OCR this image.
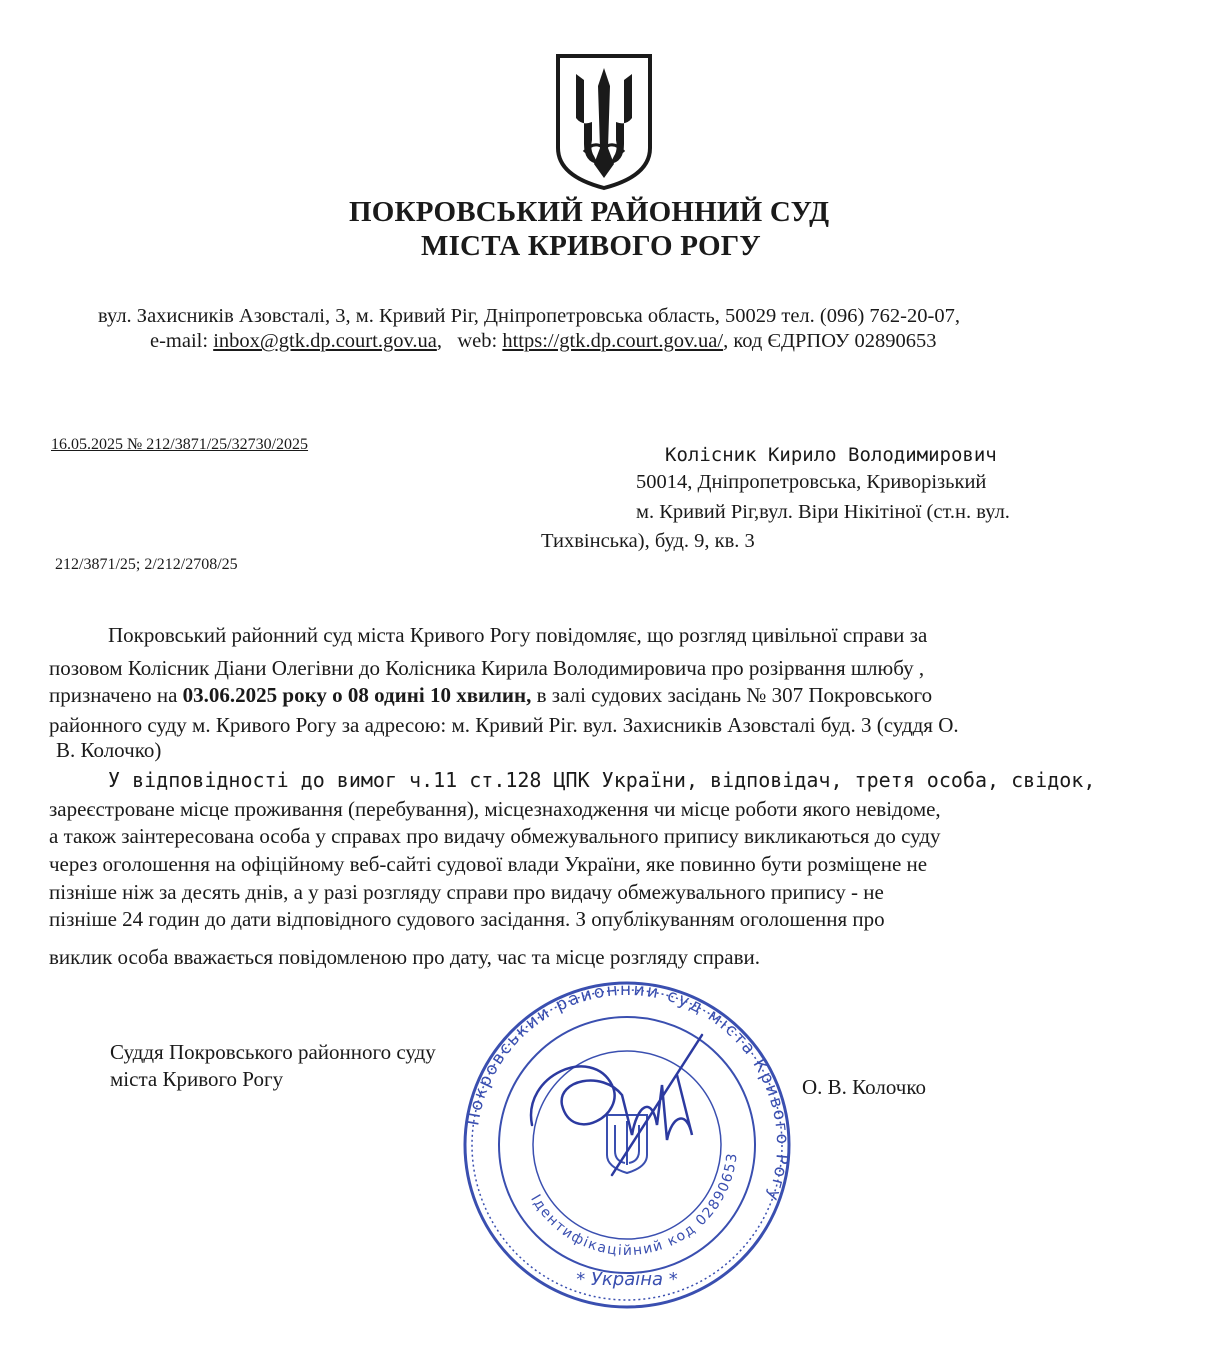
ПОКРОВСЬКИЙ РАЙОННИЙ СУД
МІСТА КРИВОГО РОГУ
вул. Захисників Азовсталі, 3, м. Кривий Ріг, Дніпропетровська область, 50029 тел. (096) 762-20-07,
e-mail: inbox@gtk.dp.court.gov.ua,   web: https://gtk.dp.court.gov.ua/, код ЄДРПОУ 02890653
16.05.2025 № 212/3871/25/32730/2025
212/3871/25; 2/212/2708/25
Колісник Кирило Володимирович
50014, Дніпропетровська, Криворізький
м. Кривий Ріг,вул. Віри Нікітіної (ст.н. вул.
Тихвінська), буд. 9, кв. 3
Покровський районний суд міста Кривого Рогу повідомляє, що розгляд цивільної справи за
позовом Колісник Діани Олегівни до Колісника Кирила Володимировича про розірвання шлюбу ,
призначено на 03.06.2025 року о 08 одині 10 хвилин, в залі судових засідань № 307 Покровського
районного суду м. Кривого Рогу за адресою: м. Кривий Ріг. вул. Захисників Азовсталі буд. 3 (суддя О.
В. Колочко)
У відповідності до вимог ч.11 ст.128 ЦПК України, відповідач, третя особа, свідок,
зареєстроване місце проживання (перебування), місцезнаходження чи місце роботи якого невідоме,
а також заінтересована особа у справах про видачу обмежувального припису викликаються до суду
через оголошення на офіційному веб-сайті судової влади України, яке повинно бути розміщене не
пізніше ніж за десять днів, а у разі розгляду справи про видачу обмежувального припису - не
пізніше 24 годин до дати відповідного судового засідання. З опублікуванням оголошення про
виклик особа вважається повідомленою про дату, час та місце розгляду справи.
Суддя Покровського районного суду
міста Кривого Рогу	О. В. Колочко
Покровський районний суд міста Кривого Рогу
Ідентифікаційний код 02890653
* Україна *
